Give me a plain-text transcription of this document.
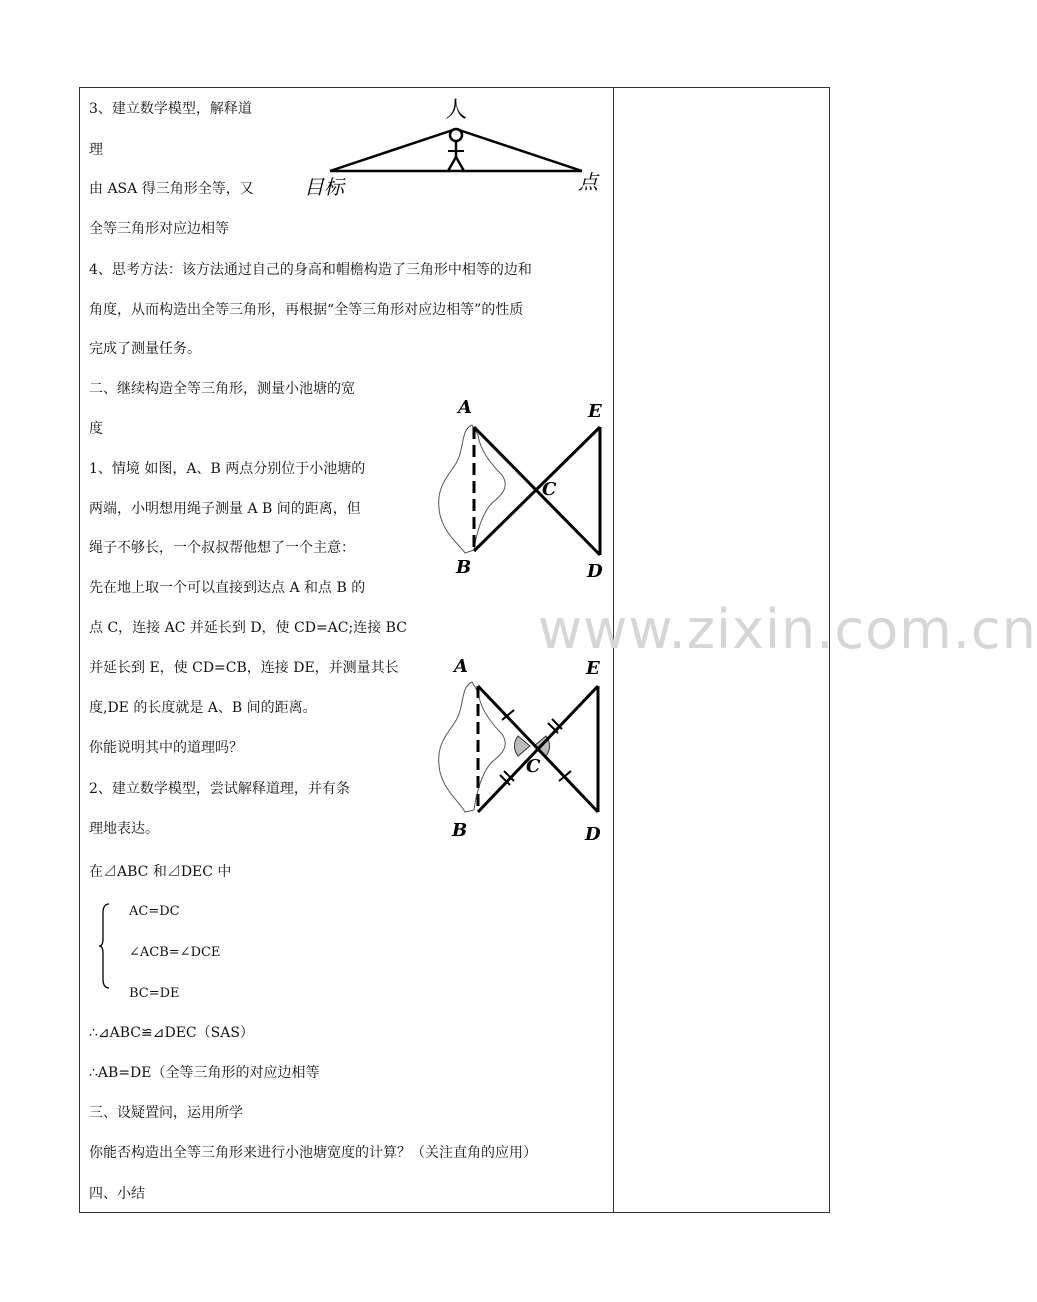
www.zixin.com.cn
3、建立数学模型，解释道
理
由 ASA 得三角形全等，又
全等三角形对应边相等
人
目标	点
4、思考方法：该方法通过自己的身高和帽檐构造了三角形中相等的边和
角度，从而构造出全等三角形，再根据“全等三角形对应边相等”的性质
完成了测量任务。
二、继续构造全等三角形，测量小池塘的宽
度
1、情境 如图，A、B 两点分别位于小池塘的
两端，小明想用绳子测量 A B 间的距离，但
绳子不够长，一个叔叔帮他想了一个主意：
先在地上取一个可以直接到达点 A 和点 B 的
点 C，连接 AC 并延长到 D，使 CD=AC;连接 BC
并延长到 E，使 CD=CB，连接 DE，并测量其长
度,DE 的长度就是 A、B 间的距离。
你能说明其中的道理吗？
2、建立数学模型，尝试解释道理，并有条
理地表达。
A
B
C
D
E
A
B
C
D
E
在⊿ABC 和⊿DEC 中
AC=DC
∠ACB=∠DCE
BC=DE
∴⊿ABC≌⊿DEC（SAS）
∴AB=DE（全等三角形的对应边相等
三、设疑置问，运用所学
你能否构造出全等三角形来进行小池塘宽度的计算？（关注直角的应用）
四、小结
